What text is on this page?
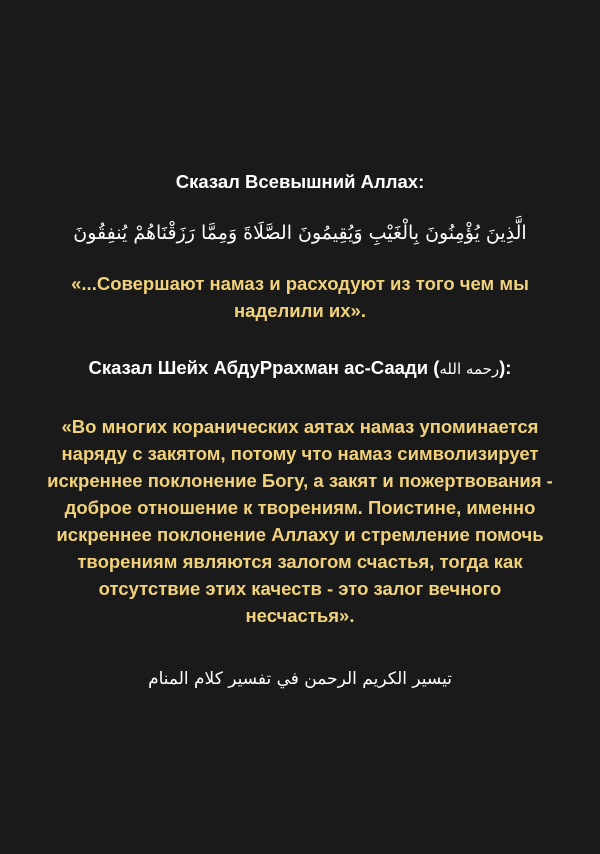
Сказал Всевышний Аллах:
الَّذِينَ يُؤْمِنُونَ بِالْغَيْبِ وَيُقِيمُونَ الصَّلَاةَ وَمِمَّا رَزَقْنَاهُمْ يُنفِقُونَ
«...Совершают намаз и расходуют из того чем мы наделили их».
Сказал Шейх АбдуРрахман ас-Саади (رحمه الله):
«Во многих коранических аятах намаз упоминается наряду с закятом, потому что намаз символизирует искреннее поклонение Богу, а закят и пожертвования - доброе отношение к творениям. Поистине, именно искреннее поклонение Аллаху и стремление помочь творениям являются залогом счастья, тогда как отсутствие этих качеств - это залог вечного несчастья».
تيسير الكريم الرحمن في تفسير كلام المنام
